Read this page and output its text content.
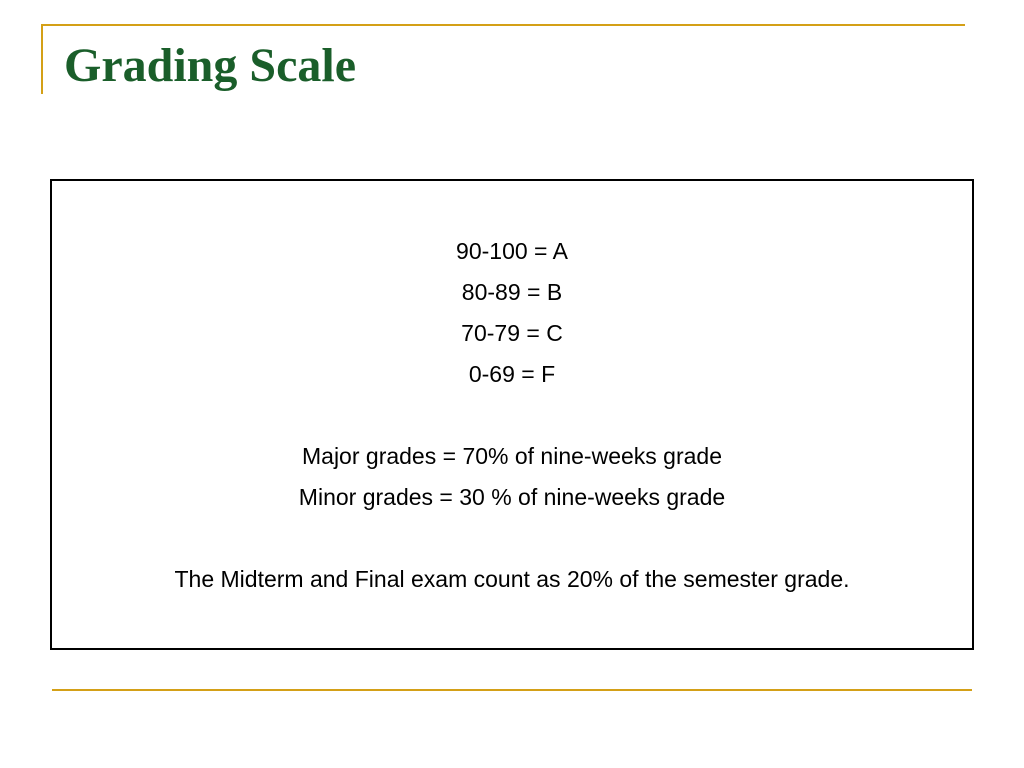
Grading Scale

90-100 = A

80-89 = B

70-79 = C

0-69 = F

Major grades = 70% of nine-weeks grade

Minor grades = 30 % of nine-weeks grade

The Midterm and Final exam count as 20% of the semester grade.
